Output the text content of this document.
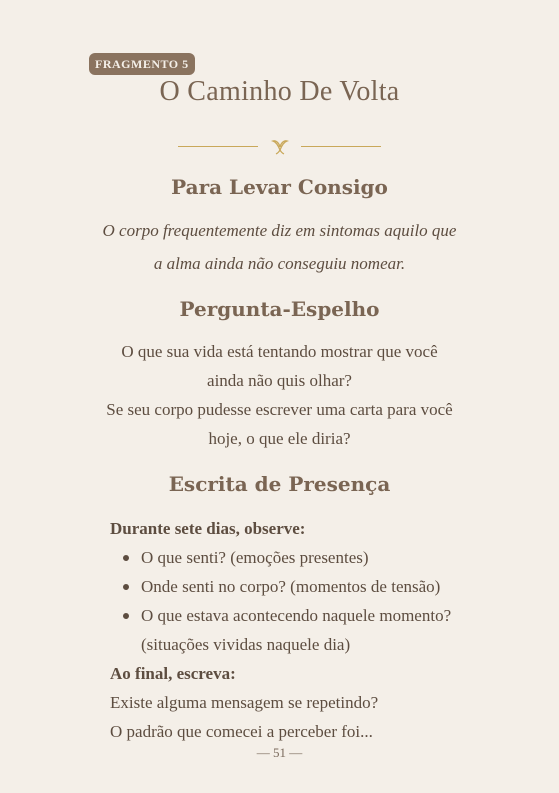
FRAGMENTO 5
O Caminho De Volta
Para Levar Consigo
O corpo frequentemente diz em sintomas aquilo que
a alma ainda não conseguiu nomear.
Pergunta-Espelho
O que sua vida está tentando mostrar que você
ainda não quis olhar?
Se seu corpo pudesse escrever uma carta para você
hoje, o que ele diria?
Escrita de Presença
Durante sete dias, observe:
O que senti? (emoções presentes)
Onde senti no corpo? (momentos de tensão)
O que estava acontecendo naquele momento? (situações vividas naquele dia)
Ao final, escreva:
Existe alguma mensagem se repetindo?
O padrão que comecei a perceber foi...
— 51 —
